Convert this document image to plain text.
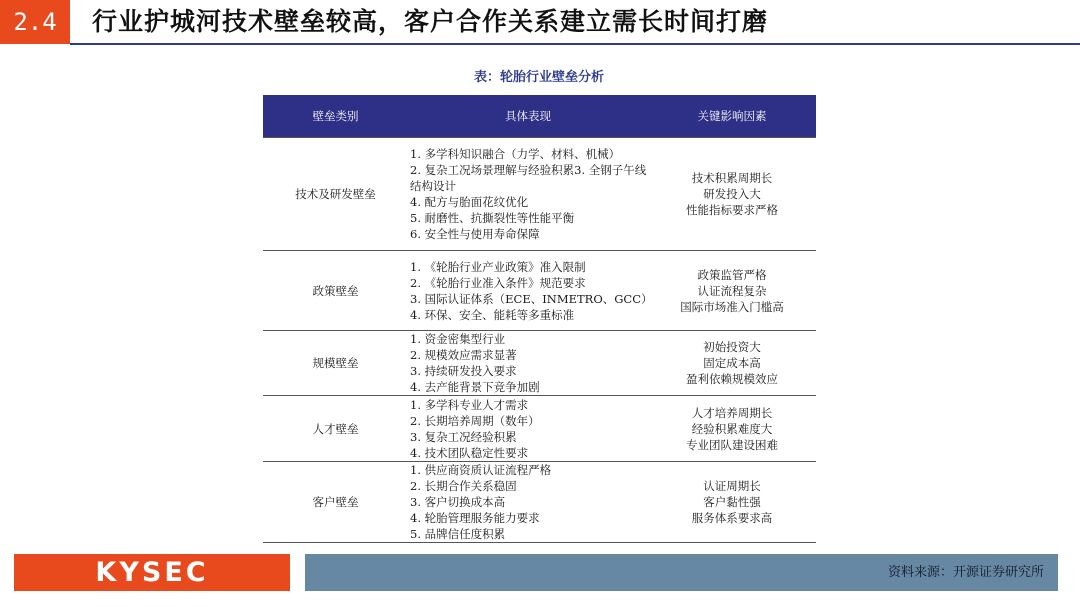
2.4	行业护城河技术壁垒较高，客户合作关系建立需长时间打磨
表：轮胎行业壁垒分析
壁垒类别	具体表现	关键影响因素
技术及研发壁垒	1. 多学科知识融合（力学、材料、机械）
2. 复杂工况场景理解与经验积累3. 全钢子午线结构设计
4. 配方与胎面花纹优化
5. 耐磨性、抗撕裂性等性能平衡
6. 安全性与使用寿命保障	技术积累周期长
研发投入大
性能指标要求严格

政策壁垒	1. 《轮胎行业产业政策》准入限制
2. 《轮胎行业准入条件》规范要求
3. 国际认证体系（ECE、INMETRO、GCC）
4. 环保、安全、能耗等多重标准	政策监管严格
认证流程复杂
国际市场准入门槛高

规模壁垒	1. 资金密集型行业
2. 规模效应需求显著
3. 持续研发投入要求
4. 去产能背景下竞争加剧	初始投资大
固定成本高
盈利依赖规模效应

人才壁垒	1. 多学科专业人才需求
2. 长期培养周期（数年）
3. 复杂工况经验积累
4. 技术团队稳定性要求	人才培养周期长
经验积累难度大
专业团队建设困难

客户壁垒	1. 供应商资质认证流程严格
2. 长期合作关系稳固
3. 客户切换成本高
4. 轮胎管理服务能力要求
5. 品牌信任度积累	认证周期长
客户黏性强
服务体系要求高
KYSEC	资料来源：开源证券研究所
